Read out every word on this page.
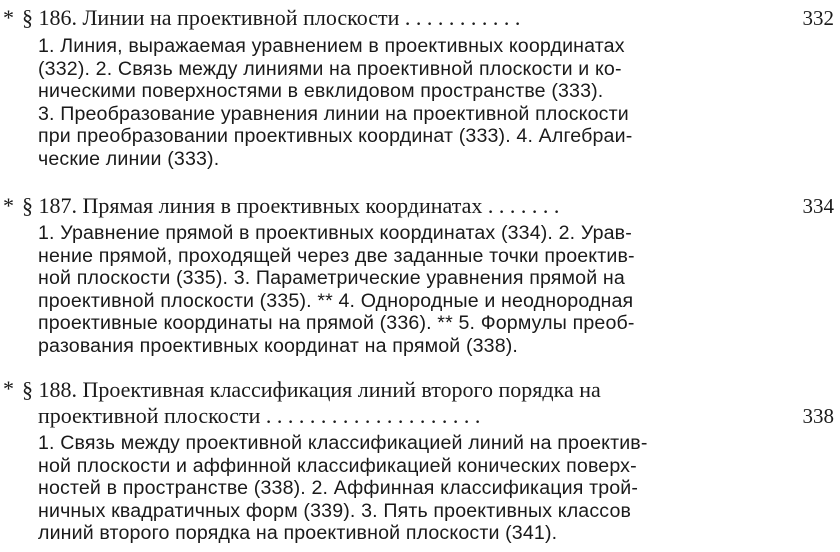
* § 186. Линии на проективной плоскости . . . . . . . . . . .	332
1. Линия, выражаемая уравнением в проективных координатах
(332). 2. Связь между линиями на проективной плоскости и ко-
ническими поверхностями в евклидовом пространстве (333).
3. Преобразование уравнения линии на проективной плоскости
при преобразовании проективных координат (333). 4. Алгебраи-
ческие линии (333).
* § 187. Прямая линия в проективных координатах . . . . . . .	334
1. Уравнение прямой в проективных координатах (334). 2. Урав-
нение прямой, проходящей через две заданные точки проектив-
ной плоскости (335). 3. Параметрические уравнения прямой на
проективной плоскости (335). ** 4. Однородные и неоднородная
проективные координаты на прямой (336). ** 5. Формулы преоб-
разования проективных координат на прямой (338).
* § 188. Проективная классификация линий второго порядка на
проективной плоскости . . . . . . . . . . . . . . . . . . . .	338
1. Связь между проективной классификацией линий на проектив-
ной плоскости и аффинной классификацией конических поверх-
ностей в пространстве (338). 2. Аффинная классификация трой-
ничных квадратичных форм (339). 3. Пять проективных классов
линий второго порядка на проективной плоскости (341).
